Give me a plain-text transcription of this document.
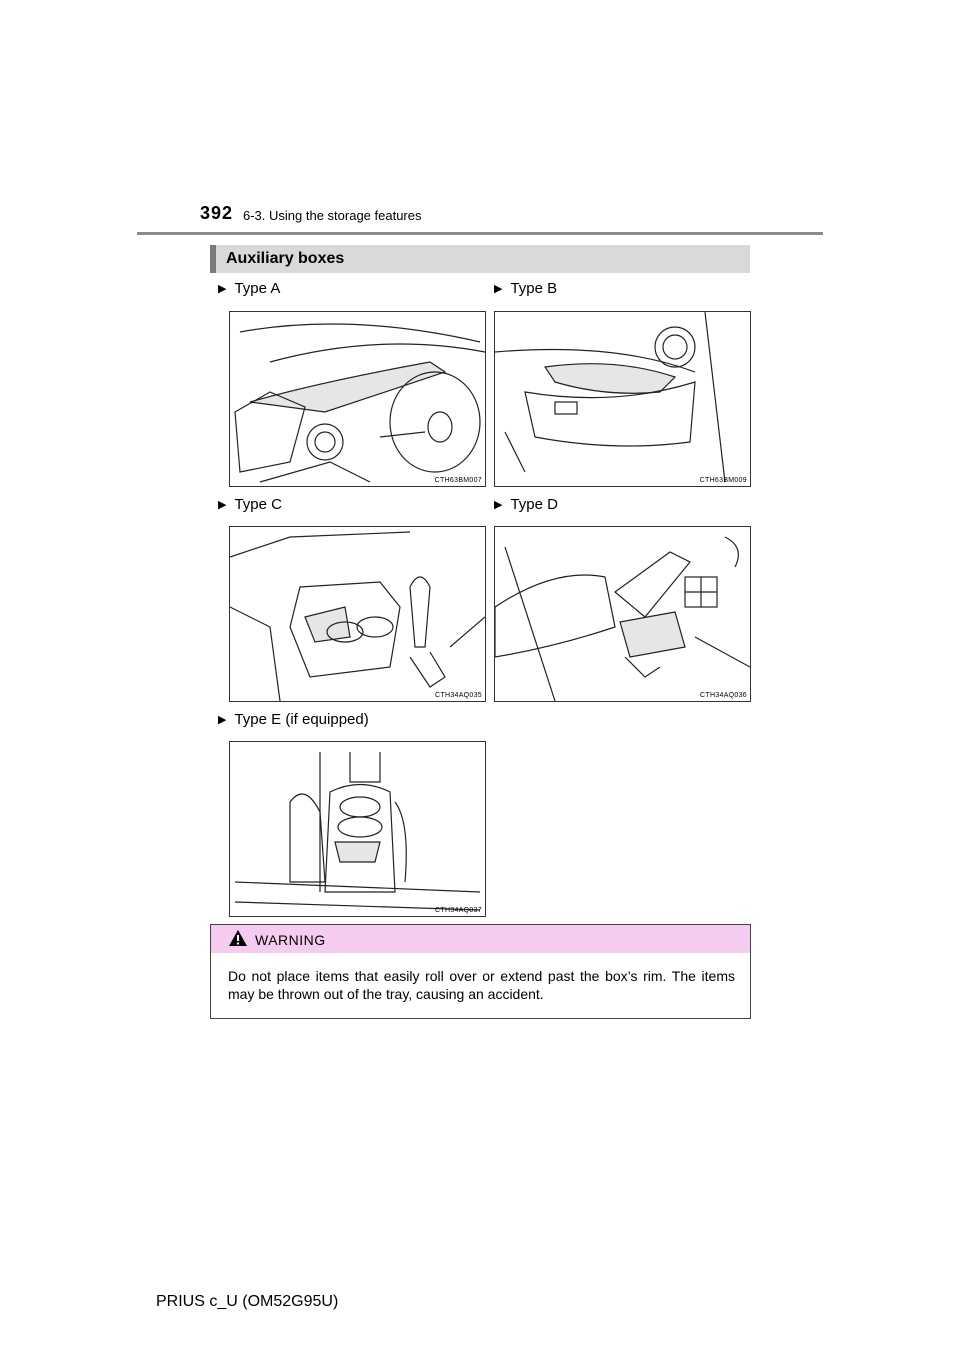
392 6-3. Using the storage features
Auxiliary boxes
▶ Type A
CTH63BM007
▶ Type B
CTH63BM009
▶ Type C
CTH34AQ035
▶ Type D
CTH34AQ036
▶ Type E (if equipped)
CTH34AQ037
WARNING
Do not place items that easily roll over or extend past the box’s rim. The items may be thrown out of the tray, causing an accident.
PRIUS c_U (OM52G95U)
